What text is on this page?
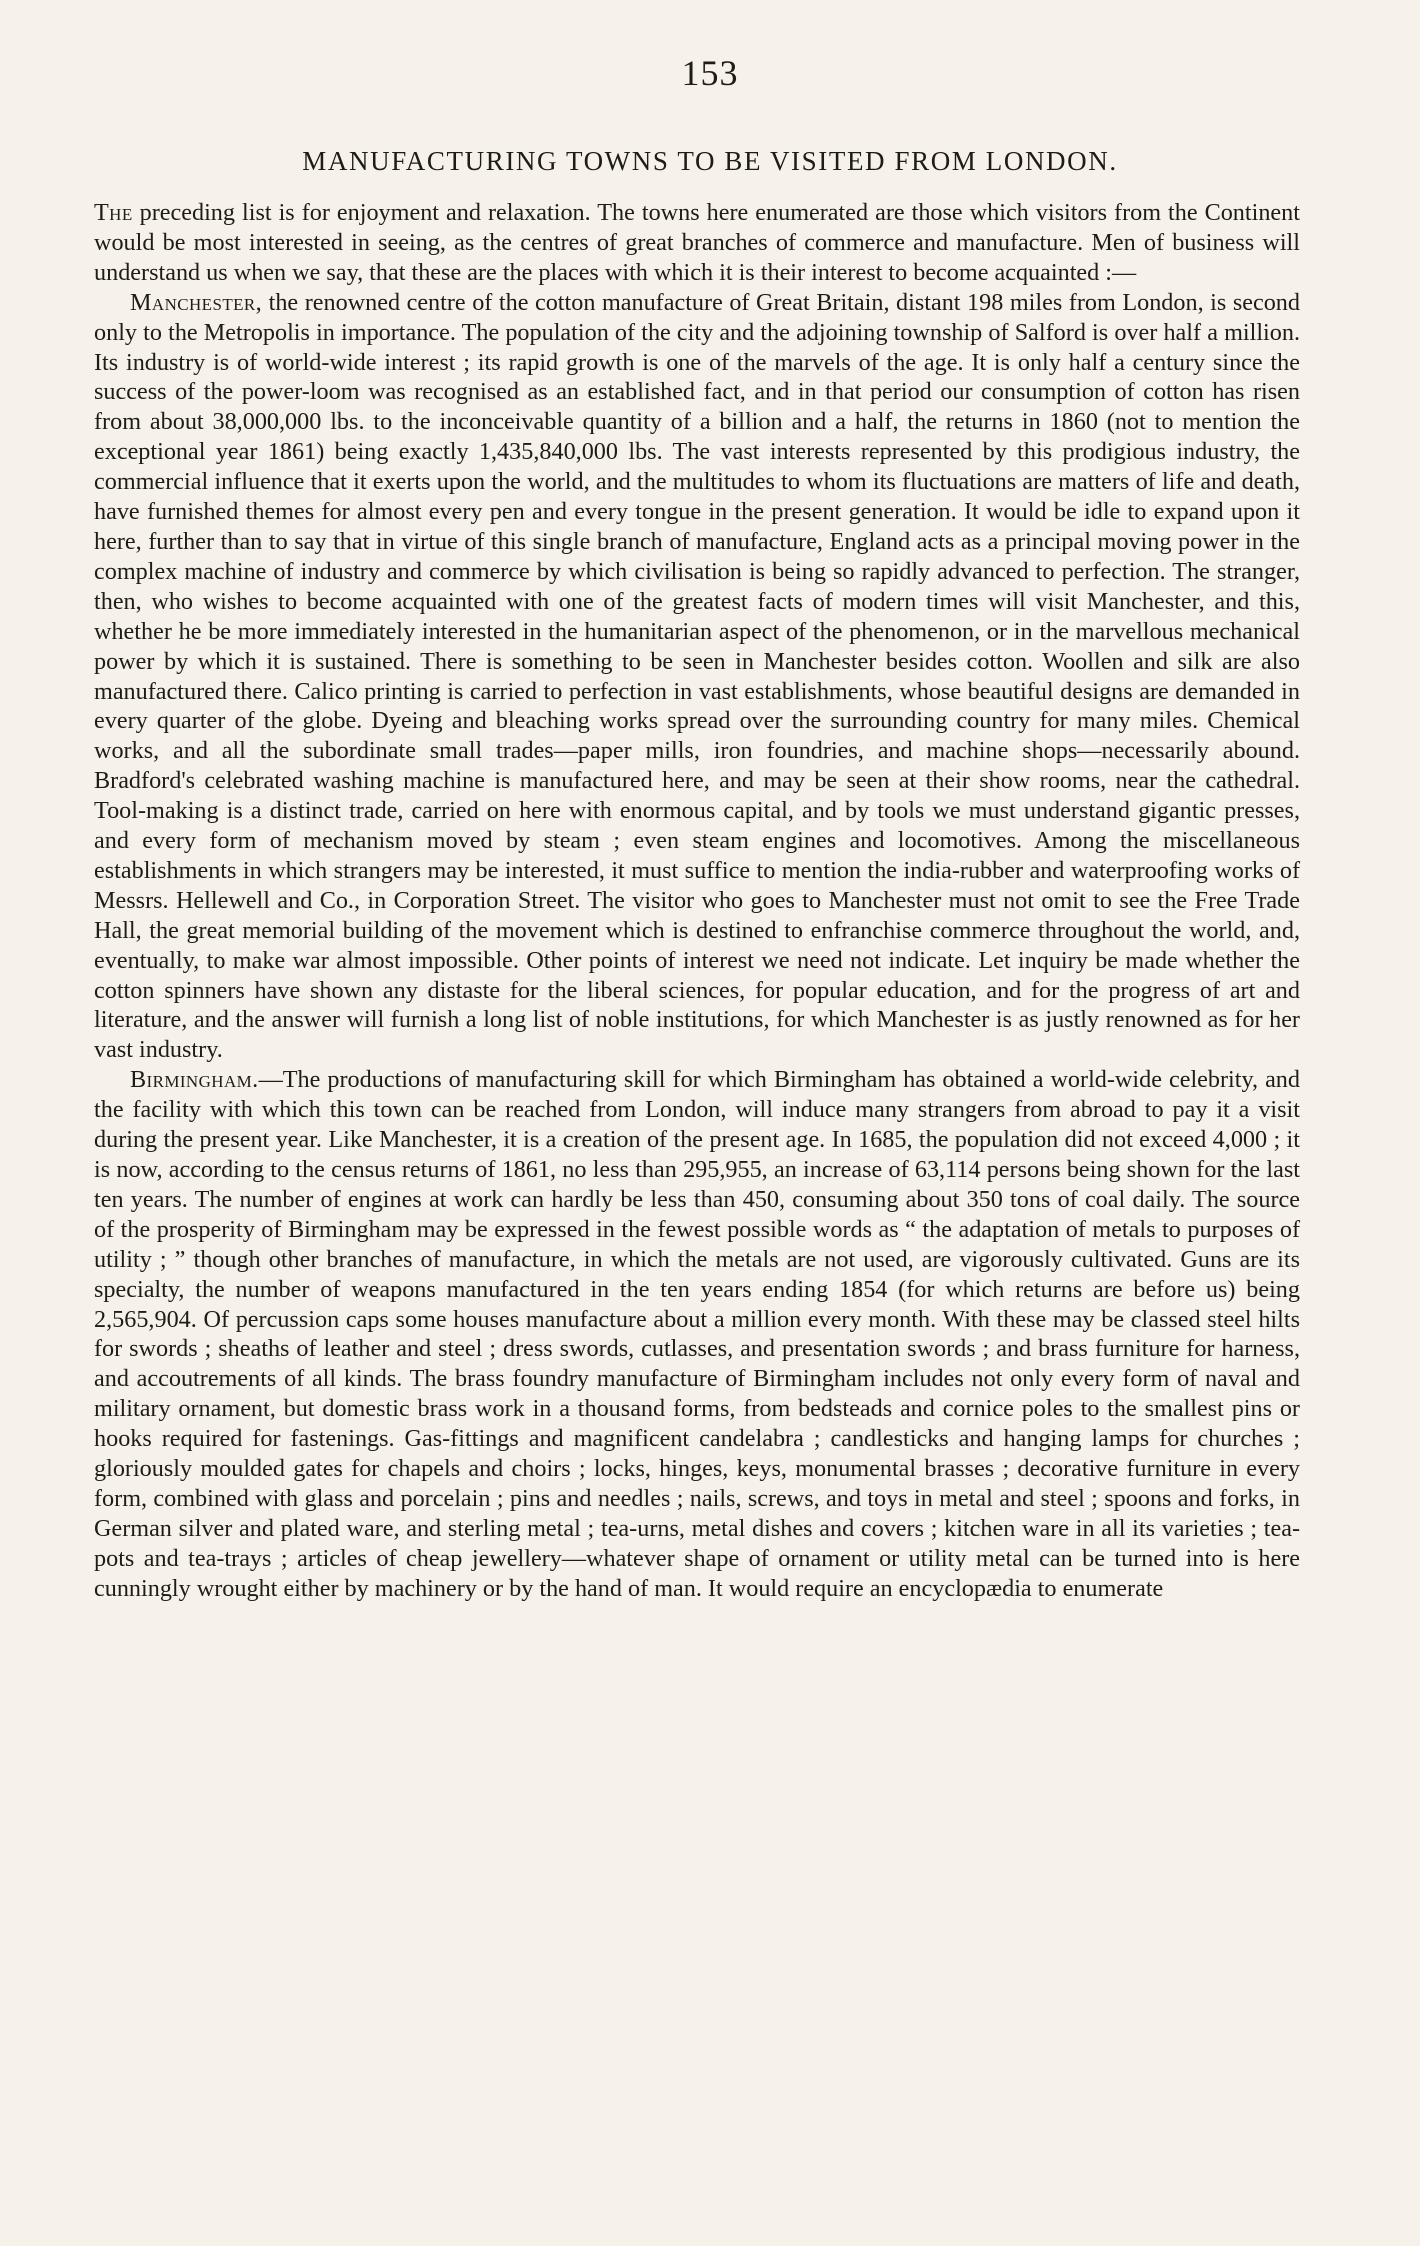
153
MANUFACTURING TOWNS TO BE VISITED FROM LONDON.

The preceding list is for enjoyment and relaxation. The towns here enumerated are those which visitors from the Continent would be most interested in seeing, as the centres of great branches of commerce and manufacture. Men of business will understand us when we say, that these are the places with which it is their interest to become acquainted :—

Manchester, the renowned centre of the cotton manufacture of Great Britain, distant 198 miles from London, is second only to the Metropolis in importance. The population of the city and the adjoining township of Salford is over half a million. Its industry is of world-wide interest ; its rapid growth is one of the marvels of the age. It is only half a century since the success of the power-loom was recognised as an established fact, and in that period our consumption of cotton has risen from about 38,000,000 lbs. to the inconceivable quantity of a billion and a half, the returns in 1860 (not to mention the exceptional year 1861) being exactly 1,435,840,000 lbs. The vast interests represented by this prodigious industry, the commercial influence that it exerts upon the world, and the multitudes to whom its fluctuations are matters of life and death, have furnished themes for almost every pen and every tongue in the present generation. It would be idle to expand upon it here, further than to say that in virtue of this single branch of manufacture, England acts as a principal moving power in the complex machine of industry and commerce by which civilisation is being so rapidly advanced to perfection. The stranger, then, who wishes to become acquainted with one of the greatest facts of modern times will visit Manchester, and this, whether he be more immediately interested in the humanitarian aspect of the phenomenon, or in the marvellous mechanical power by which it is sustained. There is something to be seen in Manchester besides cotton. Woollen and silk are also manufactured there. Calico printing is carried to perfection in vast establishments, whose beautiful designs are demanded in every quarter of the globe. Dyeing and bleaching works spread over the surrounding country for many miles. Chemical works, and all the subordinate small trades—paper mills, iron foundries, and machine shops—necessarily abound. Bradford's celebrated washing machine is manufactured here, and may be seen at their show rooms, near the cathedral. Tool-making is a distinct trade, carried on here with enormous capital, and by tools we must understand gigantic presses, and every form of mechanism moved by steam ; even steam engines and locomotives. Among the miscellaneous establishments in which strangers may be interested, it must suffice to mention the india-rubber and waterproofing works of Messrs. Hellewell and Co., in Corporation Street. The visitor who goes to Manchester must not omit to see the Free Trade Hall, the great memorial building of the movement which is destined to enfranchise commerce throughout the world, and, eventually, to make war almost impossible. Other points of interest we need not indicate. Let inquiry be made whether the cotton spinners have shown any distaste for the liberal sciences, for popular education, and for the progress of art and literature, and the answer will furnish a long list of noble institutions, for which Manchester is as justly renowned as for her vast industry.

Birmingham.—The productions of manufacturing skill for which Birmingham has obtained a world-wide celebrity, and the facility with which this town can be reached from London, will induce many strangers from abroad to pay it a visit during the present year. Like Manchester, it is a creation of the present age. In 1685, the population did not exceed 4,000 ; it is now, according to the census returns of 1861, no less than 295,955, an increase of 63,114 persons being shown for the last ten years. The number of engines at work can hardly be less than 450, consuming about 350 tons of coal daily. The source of the prosperity of Birmingham may be expressed in the fewest possible words as “ the adaptation of metals to purposes of utility ; ” though other branches of manufacture, in which the metals are not used, are vigorously cultivated. Guns are its specialty, the number of weapons manufactured in the ten years ending 1854 (for which returns are before us) being 2,565,904. Of percussion caps some houses manufacture about a million every month. With these may be classed steel hilts for swords ; sheaths of leather and steel ; dress swords, cutlasses, and presentation swords ; and brass furniture for harness, and accoutrements of all kinds. The brass foundry manufacture of Birmingham includes not only every form of naval and military ornament, but domestic brass work in a thousand forms, from bedsteads and cornice poles to the smallest pins or hooks required for fastenings. Gas-fittings and magnificent candelabra ; candlesticks and hanging lamps for churches ; gloriously moulded gates for chapels and choirs ; locks, hinges, keys, monumental brasses ; decorative furniture in every form, combined with glass and porcelain ; pins and needles ; nails, screws, and toys in metal and steel ; spoons and forks, in German silver and plated ware, and sterling metal ; tea-urns, metal dishes and covers ; kitchen ware in all its varieties ; tea-pots and tea-trays ; articles of cheap jewellery—whatever shape of ornament or utility metal can be turned into is here cunningly wrought either by machinery or by the hand of man. It would require an encyclopædia to enumerate
